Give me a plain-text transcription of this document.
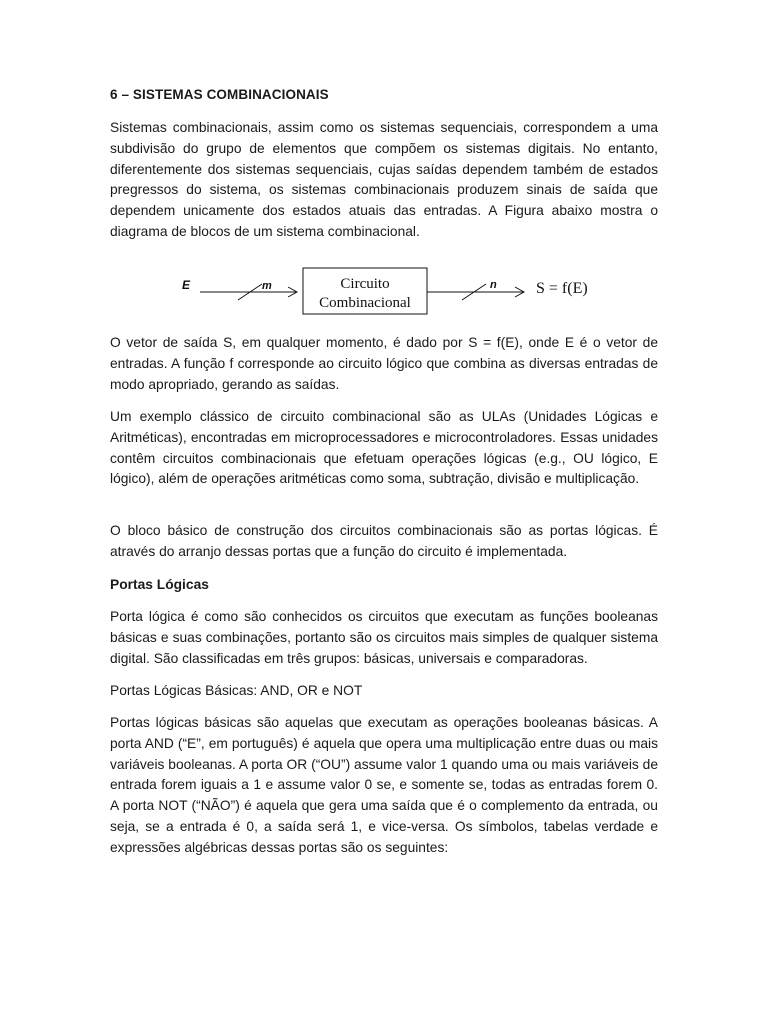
6 – SISTEMAS COMBINACIONAIS

Sistemas combinacionais, assim como os sistemas sequenciais, correspondem a uma subdivisão do grupo de elementos que compõem os sistemas digitais. No entanto, diferentemente dos sistemas sequenciais, cujas saídas dependem também de estados pregressos do sistema, os sistemas combinacionais produzem sinais de saída que dependem unicamente dos estados atuais das entradas. A Figura abaixo mostra o diagrama de blocos de um sistema combinacional.

E	m	Circuito
Combinacional
n S = f(E)

O vetor de saída S, em qualquer momento, é dado por S = f(E), onde E é o vetor de entradas. A função f corresponde ao circuito lógico que combina as diversas entradas de modo apropriado, gerando as saídas.

Um exemplo clássico de circuito combinacional são as ULAs (Unidades Lógicas e Aritméticas), encontradas em microprocessadores e microcontroladores. Essas unidades contêm circuitos combinacionais que efetuam operações lógicas (e.g., OU lógico, E lógico), além de operações aritméticas como soma, subtração, divisão e multiplicação.

O bloco básico de construção dos circuitos combinacionais são as portas lógicas. É através do arranjo dessas portas que a função do circuito é implementada.

Portas Lógicas

Porta lógica é como são conhecidos os circuitos que executam as funções booleanas básicas e suas combinações, portanto são os circuitos mais simples de qualquer sistema digital. São classificadas em três grupos: básicas, universais e comparadoras.

Portas Lógicas Básicas: AND, OR e NOT

Portas lógicas básicas são aquelas que executam as operações booleanas básicas. A porta AND (“E”, em português) é aquela que opera uma multiplicação entre duas ou mais variáveis booleanas. A porta OR (“OU”) assume valor 1 quando uma ou mais variáveis de entrada forem iguais a 1 e assume valor 0 se, e somente se, todas as entradas forem 0. A porta NOT (“NÃO”) é aquela que gera uma saída que é o complemento da entrada, ou seja, se a entrada é 0, a saída será 1, e vice-versa. Os símbolos, tabelas verdade e expressões algébricas dessas portas são os seguintes:
